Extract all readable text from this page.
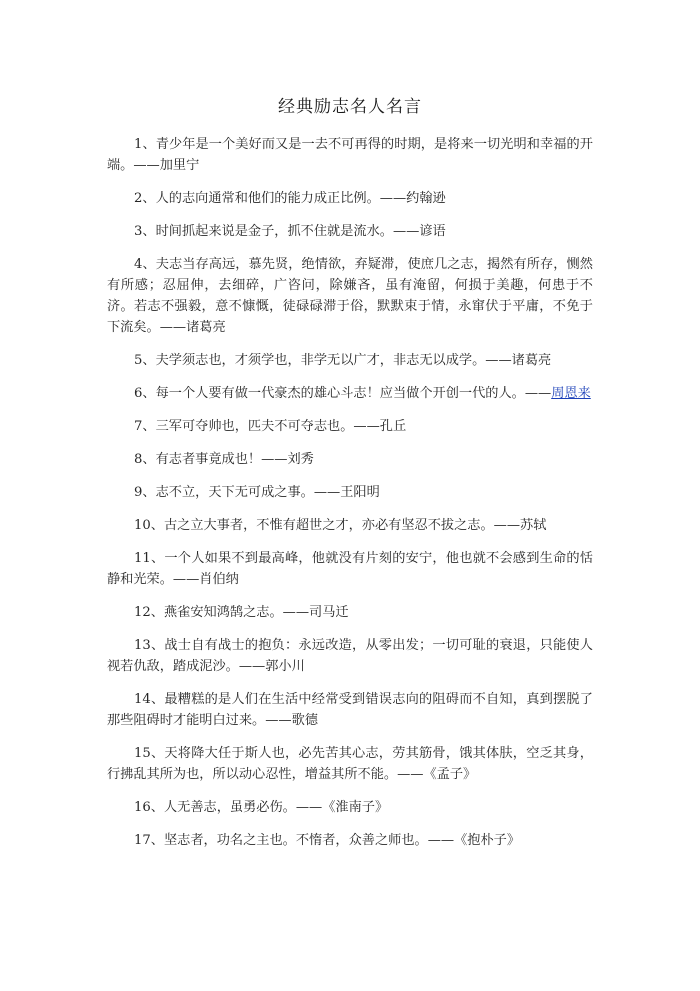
经典励志名人名言

1、青少年是一个美好而又是一去不可再得的时期，是将来一切光明和幸福的开端。——加里宁

2、人的志向通常和他们的能力成正比例。——约翰逊

3、时间抓起来说是金子，抓不住就是流水。——谚语

4、夫志当存高远，慕先贤，绝情欲，弃疑滞，使庶几之志，揭然有所存，恻然有所感；忍屈伸，去细碎，广咨问，除嫌吝，虽有淹留，何损于美趣，何患于不济。若志不强毅，意不慷慨，徒碌碌滞于俗，默默束于情，永窜伏于平庸，不免于下流矣。——诸葛亮

5、夫学须志也，才须学也，非学无以广才，非志无以成学。——诸葛亮

6、每一个人要有做一代豪杰的雄心斗志！应当做个开创一代的人。——周恩来

7、三军可夺帅也，匹夫不可夺志也。——孔丘

8、有志者事竟成也！——刘秀

9、志不立，天下无可成之事。——王阳明

10、古之立大事者，不惟有超世之才，亦必有坚忍不拔之志。——苏轼

11、一个人如果不到最高峰，他就没有片刻的安宁，他也就不会感到生命的恬静和光荣。——肖伯纳

12、燕雀安知鸿鹄之志。——司马迁

13、战士自有战士的抱负：永远改造，从零出发；一切可耻的衰退，只能使人视若仇敌，踏成泥沙。——郭小川

14、最糟糕的是人们在生活中经常受到错误志向的阻碍而不自知，真到摆脱了那些阻碍时才能明白过来。——歌德

15、天将降大任于斯人也，必先苦其心志，劳其筋骨，饿其体肤，空乏其身，行拂乱其所为也，所以动心忍性，增益其所不能。——《孟子》

16、人无善志，虽勇必伤。——《淮南子》

17、坚志者，功名之主也。不惰者，众善之师也。——《抱朴子》
